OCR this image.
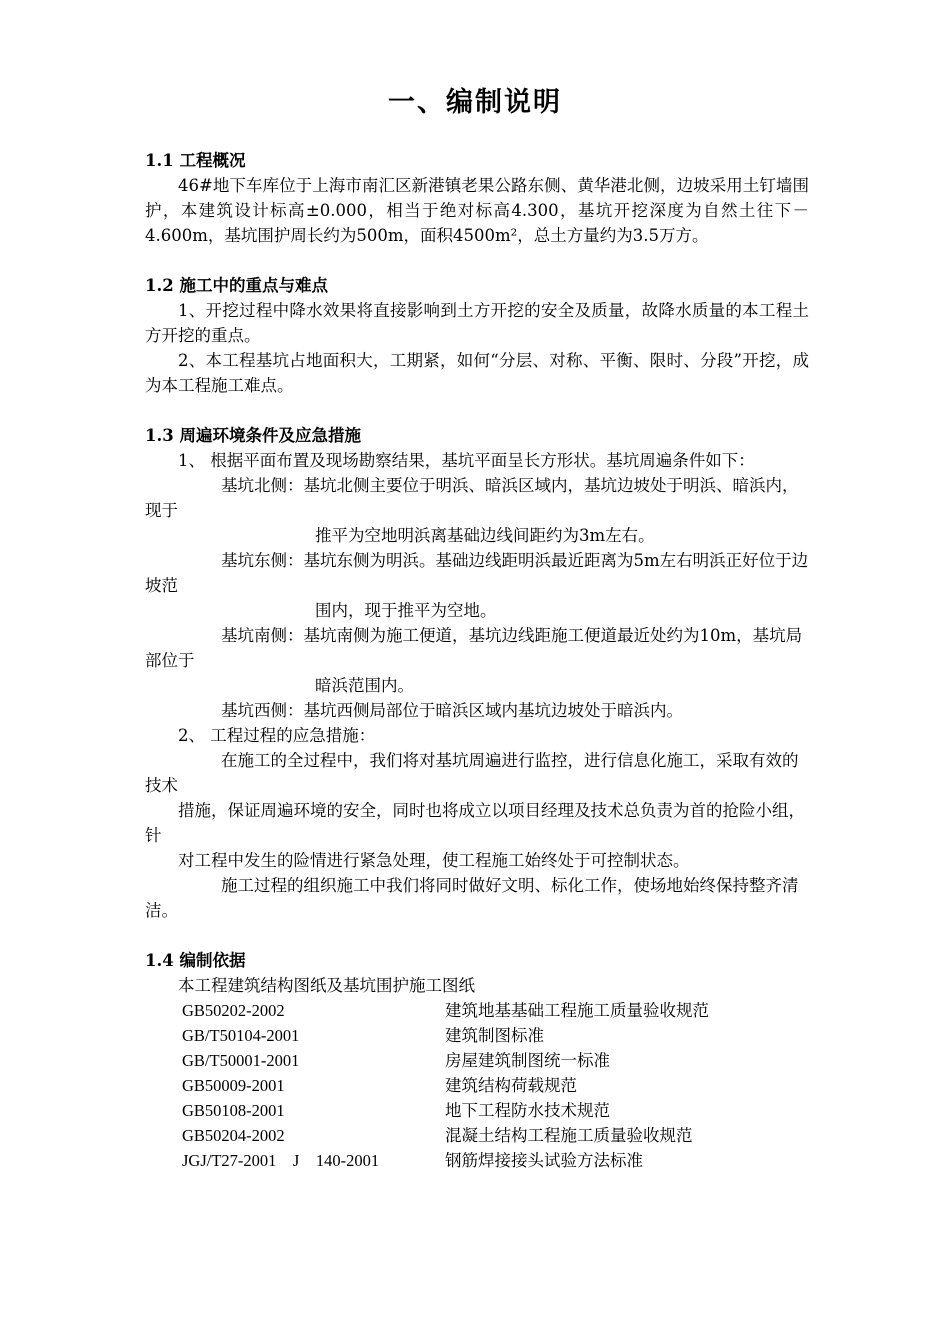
一、编制说明

1.1 工程概况

46#地下车库位于上海市南汇区新港镇老果公路东侧、黄华港北侧，边坡采用土钉墙围护，本建筑设计标高±0.000，相当于绝对标高4.300，基坑开挖深度为自然土往下－4.600m，基坑围护周长约为500m，面积4500m²，总土方量约为3.5万方。

1.2 施工中的重点与难点

1、开挖过程中降水效果将直接影响到土方开挖的安全及质量，故降水质量的本工程土方开挖的重点。

2、本工程基坑占地面积大，工期紧，如何“分层、对称、平衡、限时、分段”开挖，成为本工程施工难点。

1.3 周遍环境条件及应急措施

1、 根据平面布置及现场勘察结果，基坑平面呈长方形状。基坑周遍条件如下：

基坑北侧：基坑北侧主要位于明浜、暗浜区域内，基坑边坡处于明浜、暗浜内，现于

推平为空地明浜离基础边线间距约为3m左右。

基坑东侧：基坑东侧为明浜。基础边线距明浜最近距离为5m左右明浜正好位于边坡范

围内，现于推平为空地。

基坑南侧：基坑南侧为施工便道，基坑边线距施工便道最近处约为10m，基坑局部位于

暗浜范围内。

基坑西侧：基坑西侧局部位于暗浜区域内基坑边坡处于暗浜内。

2、 工程过程的应急措施：

在施工的全过程中，我们将对基坑周遍进行监控，进行信息化施工，采取有效的技术

措施，保证周遍环境的安全，同时也将成立以项目经理及技术总负责为首的抢险小组，针

对工程中发生的险情进行紧急处理，使工程施工始终处于可控制状态。

施工过程的组织施工中我们将同时做好文明、标化工作，使场地始终保持整齐清洁。

1.4 编制依据

本工程建筑结构图纸及基坑围护施工图纸

GB50202-2002	建筑地基基础工程施工质量验收规范
GB/T50104-2001	建筑制图标准
GB/T50001-2001	房屋建筑制图统一标准
GB50009-2001	建筑结构荷载规范
GB50108-2001	地下工程防水技术规范
GB50204-2002	混凝土结构工程施工质量验收规范
JGJ/T27-2001　J　140-2001	钢筋焊接接头试验方法标准
